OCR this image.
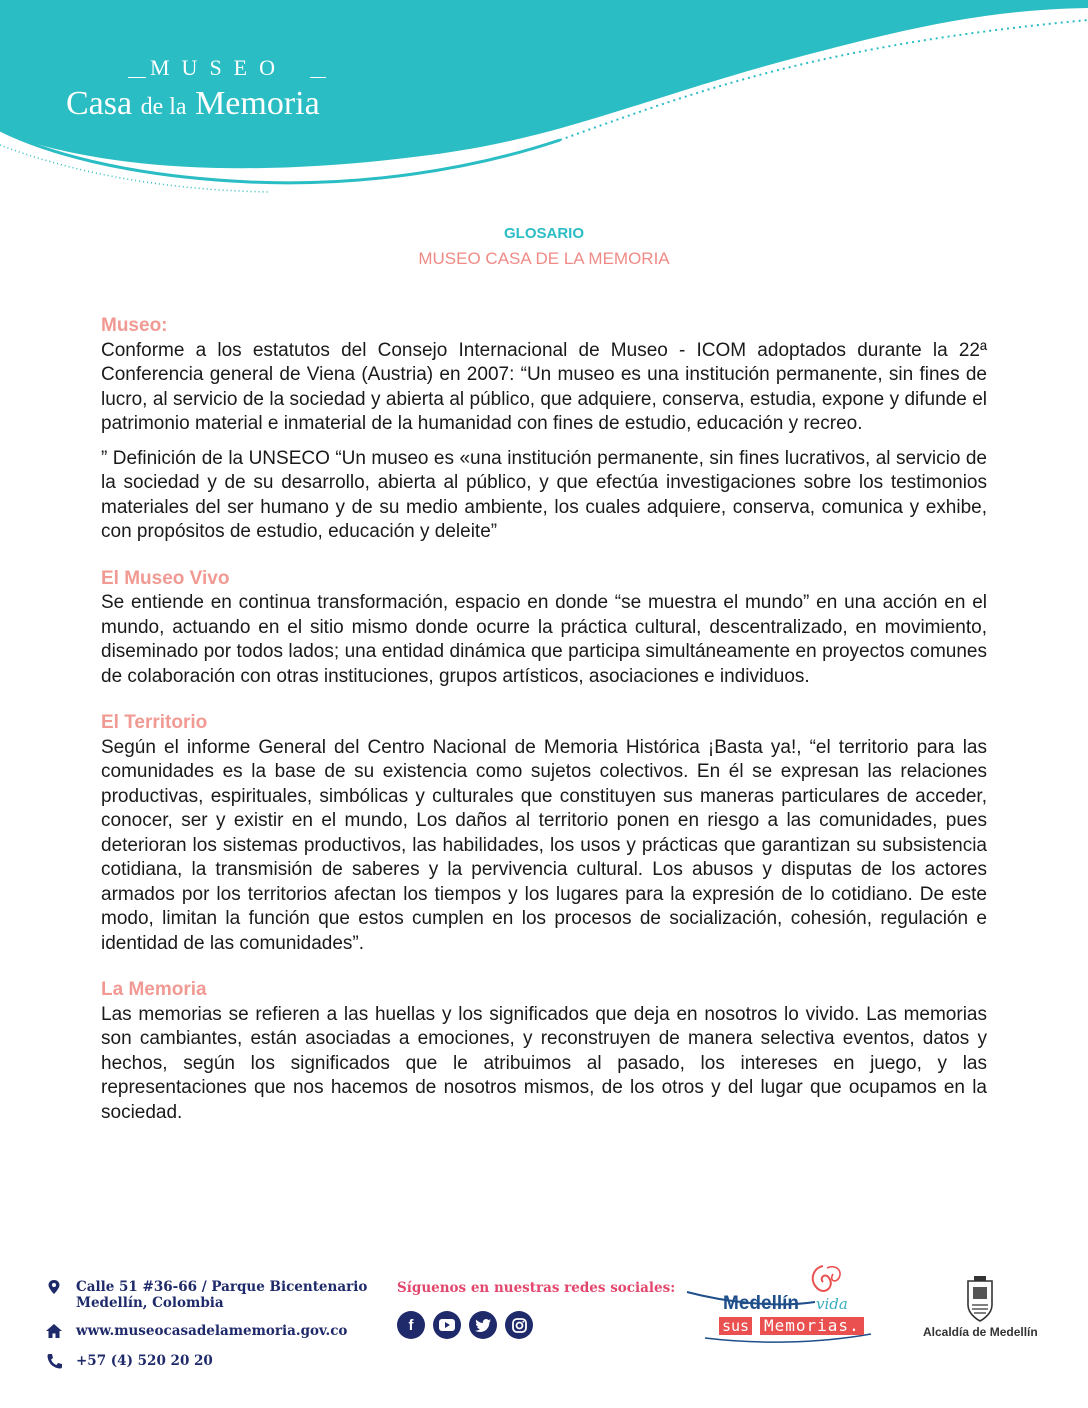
MUSEO
Casa de la Memoria
GLOSARIO
MUSEO CASA DE LA MEMORIA
Museo:

Conforme a los estatutos del Consejo Internacional de Museo - ICOM adoptados durante la 22ª Conferencia general de Viena (Austria) en 2007: “Un museo es una institución permanente, sin fines de lucro, al servicio de la sociedad y abierta al público, que adquiere, conserva, estudia, expone y difunde el patrimonio material e inmaterial de la humanidad con fines de estudio, educación y recreo.

” Definición de la UNSECO “Un museo es «una institución permanente, sin fines lucrativos, al servicio de la sociedad y de su desarrollo, abierta al público, y que efectúa investigaciones sobre los testimonios materiales del ser humano y de su medio ambiente, los cuales adquiere, conserva, comunica y exhibe, con propósitos de estudio, educación y deleite”

El Museo Vivo

Se entiende en continua transformación, espacio en donde “se muestra el mundo” en una acción en el mundo, actuando en el sitio mismo donde ocurre la práctica cultural, descentralizado, en movimiento, diseminado por todos lados; una entidad dinámica que participa simultáneamente en proyectos comunes de colaboración con otras instituciones, grupos artísticos, asociaciones e individuos.

El Territorio

Según el informe General del Centro Nacional de Memoria Histórica ¡Basta ya!, “el territorio para las comunidades es la base de su existencia como sujetos colectivos. En él se expresan las relaciones productivas, espirituales, simbólicas y culturales que constituyen sus maneras particulares de acceder, conocer, ser y existir en el mundo, Los daños al territorio ponen en riesgo a las comunidades, pues deterioran los sistemas productivos, las habilidades, los usos y prácticas que garantizan su subsistencia cotidiana, la transmisión de saberes y la pervivencia cultural. Los abusos y disputas de los actores armados por los territorios afectan los tiempos y los lugares para la expresión de lo cotidiano. De este modo, limitan la función que estos cumplen en los procesos de socialización, cohesión, regulación e identidad de las comunidades”.

La Memoria

Las memorias se refieren a las huellas y los significados que deja en nosotros lo vivido. Las memorias son cambiantes, están asociadas a emociones, y reconstruyen de manera selectiva eventos, datos y hechos, según los significados que le atribuimos al pasado, los intereses en juego, y las representaciones que nos hacemos de nosotros mismos, de los otros y del lugar que ocupamos en la sociedad.

Calle 51 #36-66 / Parque Bicentenario
Medellín, Colombia
www.museocasadelamemoria.gov.co
+57 (4) 520 20 20
Síguenos en nuestras redes sociales:
f
Medellín vida
sus Memorias.	Alcaldía de Medellín
